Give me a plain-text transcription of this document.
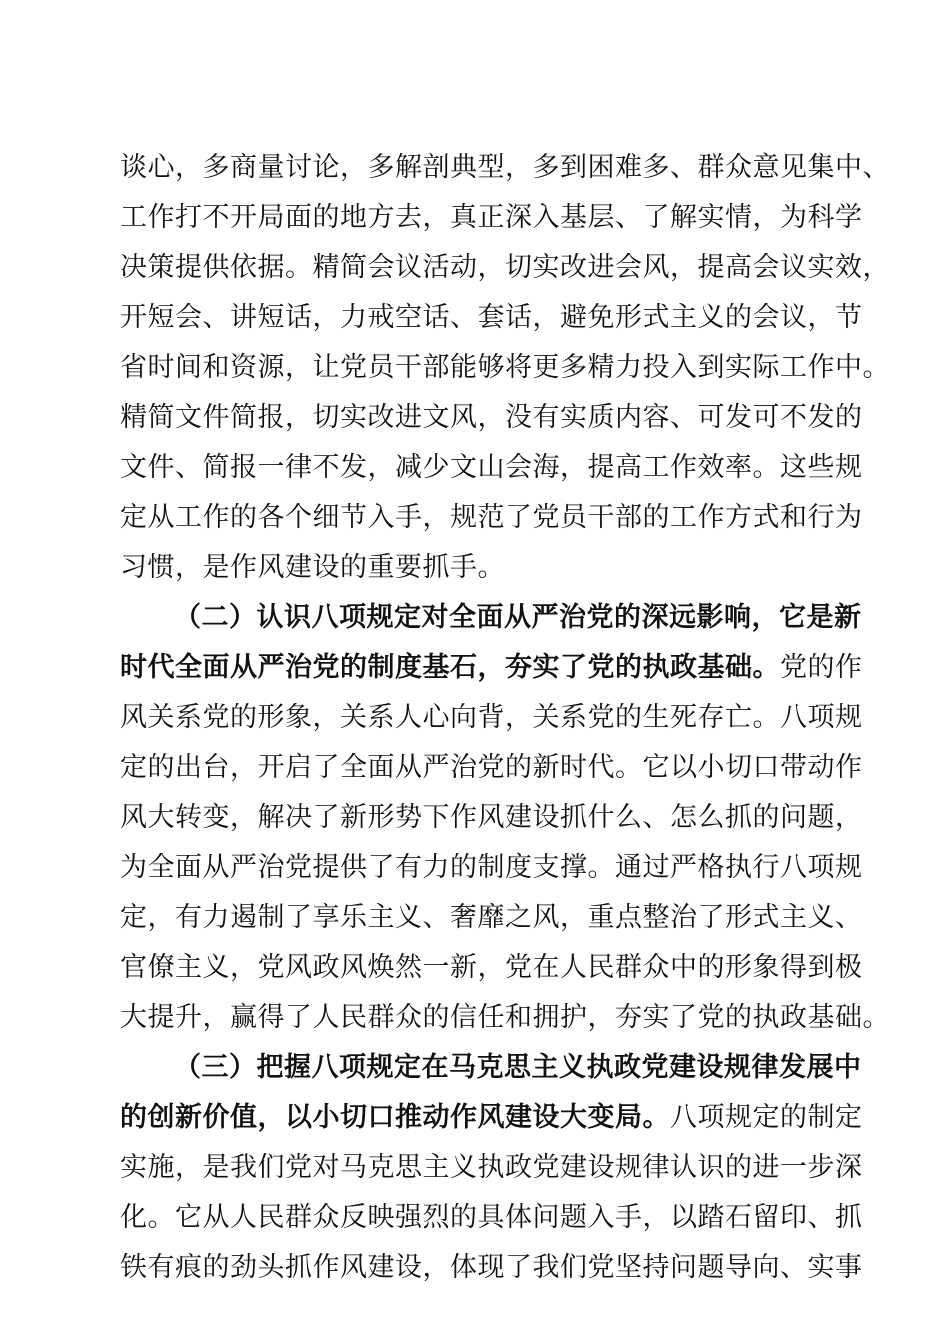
谈心，多商量讨论，多解剖典型，多到困难多、群众意见集中、
工作打不开局面的地方去，真正深入基层、了解实情，为科学
决策提供依据。精简会议活动，切实改进会风，提高会议实效，
开短会、讲短话，力戒空话、套话，避免形式主义的会议，节
省时间和资源，让党员干部能够将更多精力投入到实际工作中。
精简文件简报，切实改进文风，没有实质内容、可发可不发的
文件、简报一律不发，减少文山会海，提高工作效率。这些规
定从工作的各个细节入手，规范了党员干部的工作方式和行为
习惯，是作风建设的重要抓手。
（二）认识八项规定对全面从严治党的深远影响，它是新
时代全面从严治党的制度基石，夯实了党的执政基础。党的作
风关系党的形象，关系人心向背，关系党的生死存亡。八项规
定的出台，开启了全面从严治党的新时代。它以小切口带动作
风大转变，解决了新形势下作风建设抓什么、怎么抓的问题，
为全面从严治党提供了有力的制度支撑。通过严格执行八项规
定，有力遏制了享乐主义、奢靡之风，重点整治了形式主义、
官僚主义，党风政风焕然一新，党在人民群众中的形象得到极
大提升，赢得了人民群众的信任和拥护，夯实了党的执政基础。
（三）把握八项规定在马克思主义执政党建设规律发展中
的创新价值，以小切口推动作风建设大变局。八项规定的制定
实施，是我们党对马克思主义执政党建设规律认识的进一步深
化。它从人民群众反映强烈的具体问题入手，以踏石留印、抓
铁有痕的劲头抓作风建设，体现了我们党坚持问题导向、实事
